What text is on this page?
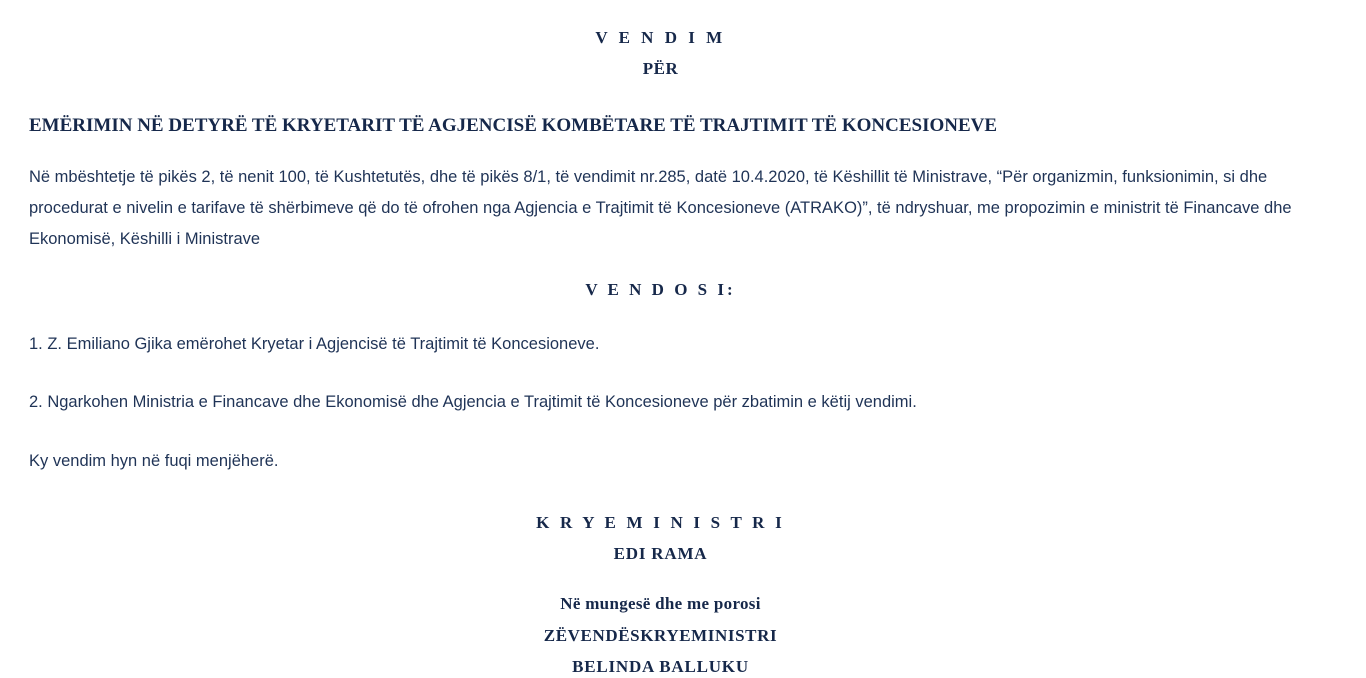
V E N D I M
PËR
EMËRIMIN NË DETYRË TË KRYETARIT TË AGJENCISË KOMBËTARE TË TRAJTIMIT TË KONCESIONEVE
Në mbështetje të pikës 2, të nenit 100, të Kushtetutës, dhe të pikës 8/1, të vendimit nr.285, datë 10.4.2020, të Këshillit të Ministrave, “Për organizmin, funksionimin, si dhe procedurat e nivelin e tarifave të shërbimeve që do të ofrohen nga Agjencia e Trajtimit të Koncesioneve (ATRAKO)”, të ndryshuar, me propozimin e ministrit të Financave dhe Ekonomisë, Këshilli i Ministrave
V E N D O S I:
1. Z. Emiliano Gjika emërohet Kryetar i Agjencisë të Trajtimit të Koncesioneve.
2. Ngarkohen Ministria e Financave dhe Ekonomisë dhe Agjencia e Trajtimit të Koncesioneve për zbatimin e këtij vendimi.
Ky vendim hyn në fuqi menjëherë.
K R Y E M I N I S T R I
EDI RAMA
Në mungesë dhe me porosi
ZËVENDËSKRYEMINISTRI
BELINDA BALLUKU
